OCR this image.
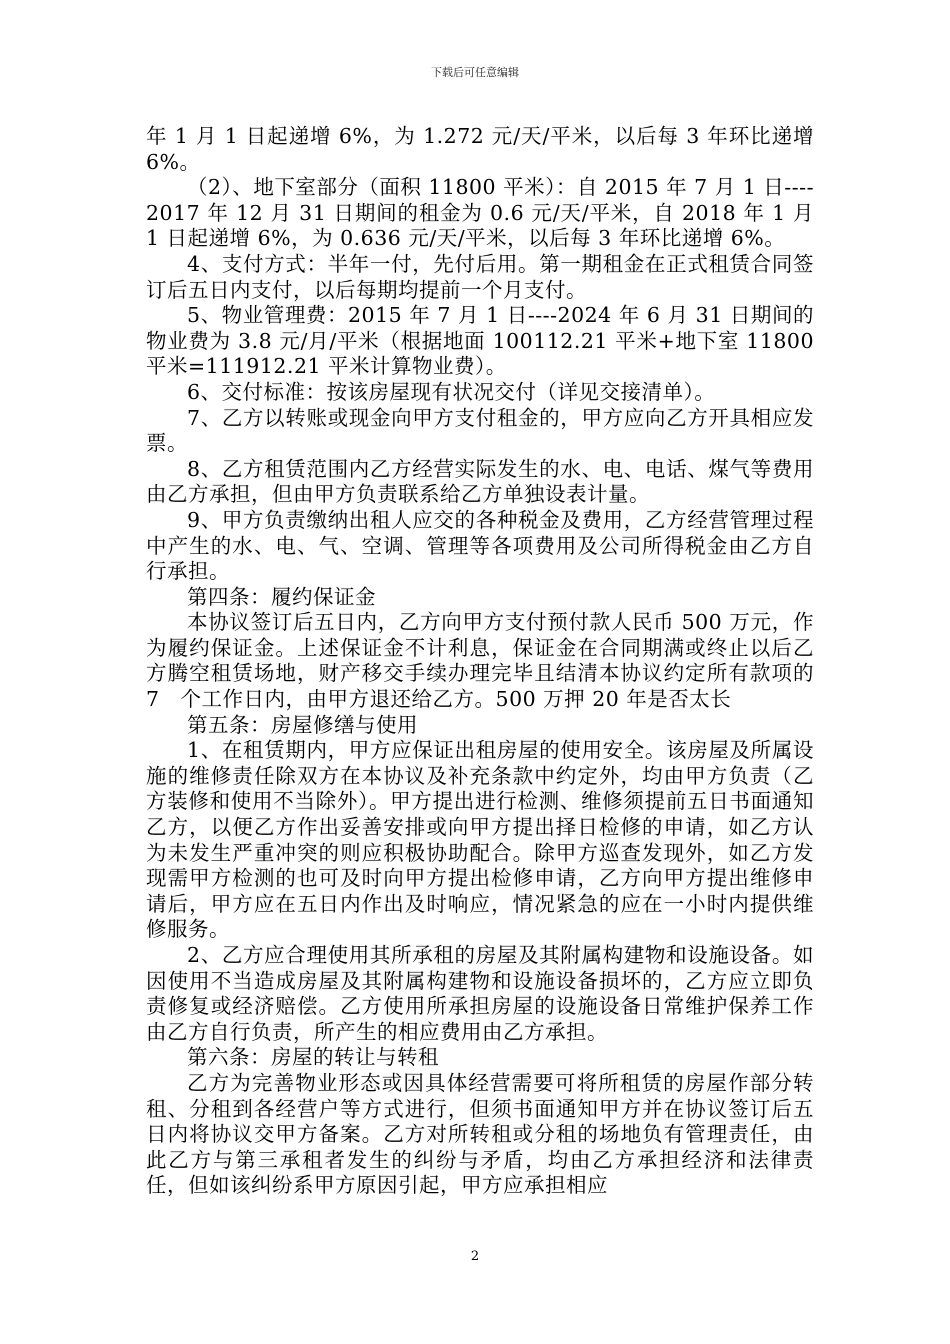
下载后可任意编辑

年 1 月 1 日起递增 6%，为 1.272 元/天/平米，以后每 3 年环比递增 6%。

（2）、地下室部分（面积 11800 平米）：自 2015 年 7 月 1 日----2017 年 12 月 31 日期间的租金为 0.6 元/天/平米，自 2018 年 1 月 1 日起递增 6%，为 0.636 元/天/平米，以后每 3 年环比递增 6%。

4、支付方式：半年一付，先付后用。第一期租金在正式租赁合同签订后五日内支付，以后每期均提前一个月支付。

5、物业管理费：2015 年 7 月 1 日----2024 年 6 月 31 日期间的物业费为 3.8 元/月/平米（根据地面 100112.21 平米+地下室 11800 平米=111912.21 平米计算物业费）。

6、交付标准：按该房屋现有状况交付（详见交接清单）。

7、乙方以转账或现金向甲方支付租金的，甲方应向乙方开具相应发票。

8、乙方租赁范围内乙方经营实际发生的水、电、电话、煤气等费用由乙方承担，但由甲方负责联系给乙方单独设表计量。

9、甲方负责缴纳出租人应交的各种税金及费用，乙方经营管理过程中产生的水、电、气、空调、管理等各项费用及公司所得税金由乙方自行承担。

第四条：履约保证金

本协议签订后五日内，乙方向甲方支付预付款人民币 500 万元，作为履约保证金。上述保证金不计利息，保证金在合同期满或终止以后乙方腾空租赁场地，财产移交手续办理完毕且结清本协议约定所有款项的 7　个工作日内，由甲方退还给乙方。500 万押 20 年是否太长

第五条：房屋修缮与使用

1、在租赁期内，甲方应保证出租房屋的使用安全。该房屋及所属设施的维修责任除双方在本协议及补充条款中约定外，均由甲方负责（乙方装修和使用不当除外）。甲方提出进行检测、维修须提前五日书面通知乙方，以便乙方作出妥善安排或向甲方提出择日检修的申请，如乙方认为未发生严重冲突的则应积极协助配合。除甲方巡查发现外，如乙方发现需甲方检测的也可及时向甲方提出检修申请，乙方向甲方提出维修申请后，甲方应在五日内作出及时响应，情况紧急的应在一小时内提供维修服务。

2、乙方应合理使用其所承租的房屋及其附属构建物和设施设备。如因使用不当造成房屋及其附属构建物和设施设备损坏的，乙方应立即负责修复或经济赔偿。乙方使用所承担房屋的设施设备日常维护保养工作由乙方自行负责，所产生的相应费用由乙方承担。

第六条：房屋的转让与转租

乙方为完善物业形态或因具体经营需要可将所租赁的房屋作部分转租、分租到各经营户等方式进行，但须书面通知甲方并在协议签订后五日内将协议交甲方备案。乙方对所转租或分租的场地负有管理责任，由此乙方与第三承租者发生的纠纷与矛盾，均由乙方承担经济和法律责任，但如该纠纷系甲方原因引起，甲方应承担相应

2
